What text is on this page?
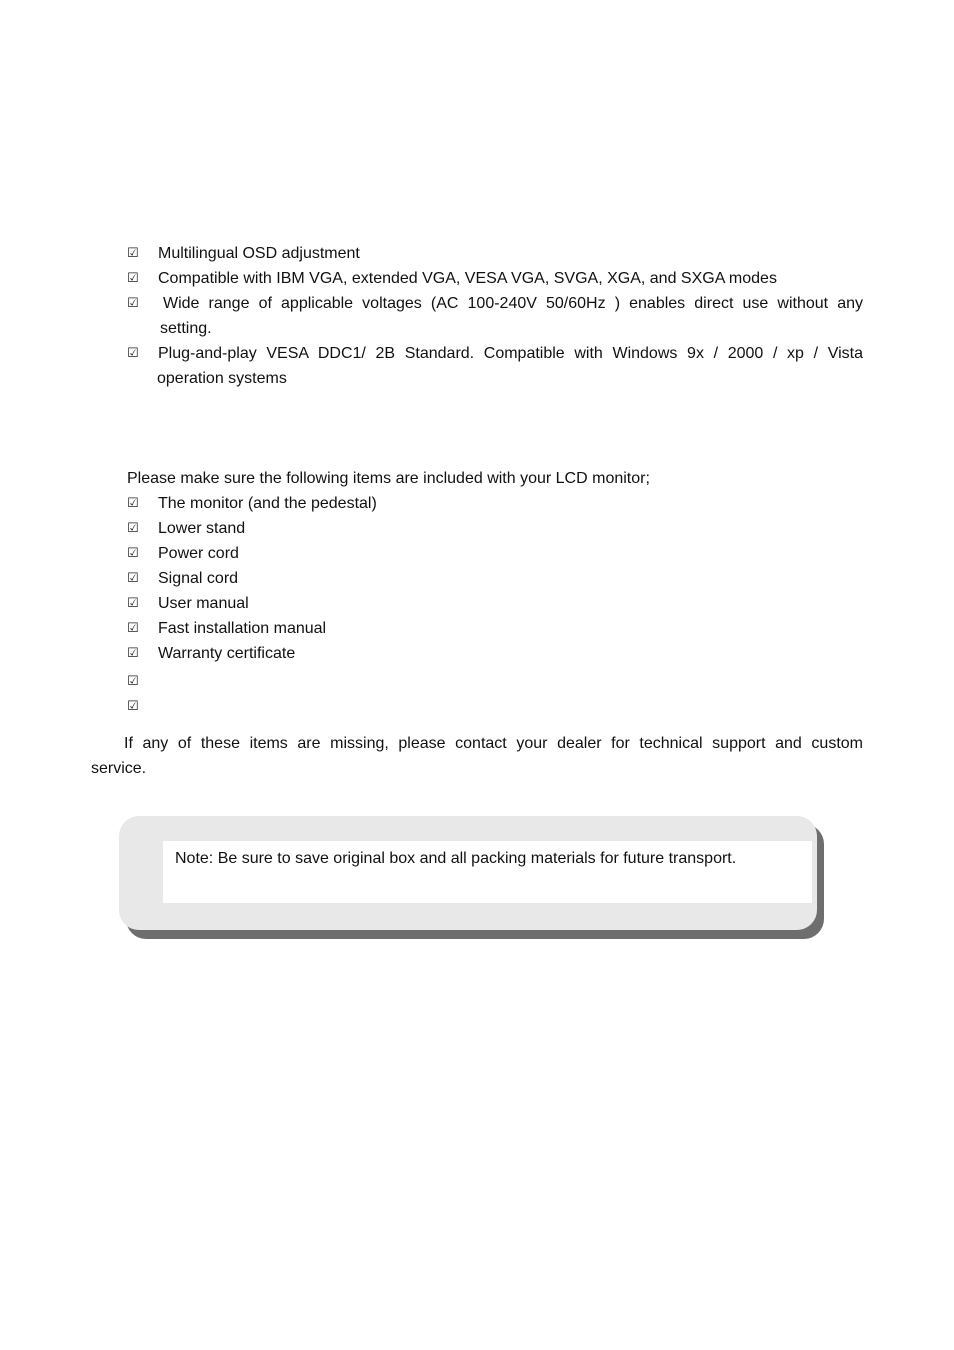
☑ Multilingual OSD adjustment
☑ Compatible with IBM VGA, extended VGA, VESA VGA, SVGA, XGA, and SXGA modes
☑ Wide range of applicable voltages (AC 100-240V 50/60Hz ) enables direct use without any
setting.
☑ Plug-and-play VESA DDC1/ 2B Standard. Compatible with Windows 9x / 2000 / xp / Vista
operation systems
Please make sure the following items are included with your LCD monitor;
☑ The monitor (and the pedestal)
☑ Lower stand
☑ Power cord
☑ Signal cord
☑ User manual
☑ Fast installation manual
☑ Warranty certificate
☑
☑
If any of these items are missing, please contact your dealer for technical support and custom
service.
Note: Be sure to save original box and all packing materials for future transport.
